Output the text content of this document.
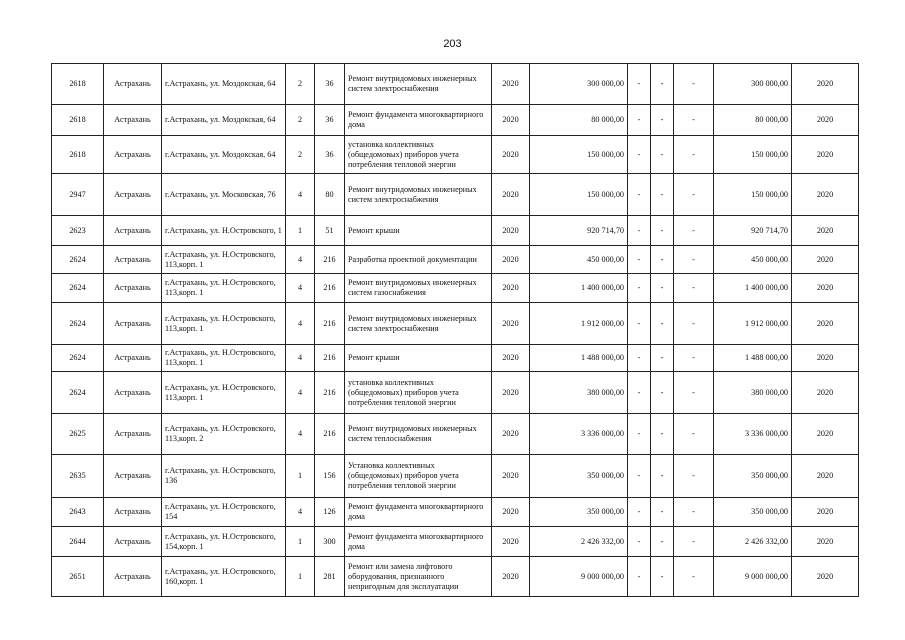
203
2618	Астрахань	г.Астрахань, ул. Моздокская, 64	2	36	Ремонт внутридомовых инженерных систем электроснабжения	2020	300 000,00	-	-	-	300 000,00	2020
2618	Астрахань	г.Астрахань, ул. Моздокская, 64	2	36	Ремонт фундамента многоквартирного дома	2020	80 000,00	-	-	-	80 000,00	2020
2618	Астрахань	г.Астрахань, ул. Моздокская, 64	2	36	установка коллективных (общедомовых) приборов учета потребления тепловой энергии	2020	150 000,00	-	-	-	150 000,00	2020
2947	Астрахань	г.Астрахань, ул. Московская, 76	4	80	Ремонт внутридомовых инженерных систем электроснабжения	2020	150 000,00	-	-	-	150 000,00	2020
2623	Астрахань	г.Астрахань, ул. Н.Островского, 1	1	51	Ремонт крыши	2020	920 714,70	-	-	-	920 714,70	2020
2624	Астрахань	г.Астрахань, ул. Н.Островского, 113,корп. 1	4	216	Разработка проектной документации	2020	450 000,00	-	-	-	450 000,00	2020
2624	Астрахань	г.Астрахань, ул. Н.Островского, 113,корп. 1	4	216	Ремонт внутридомовых инженерных систем газоснабжения	2020	1 400 000,00	-	-	-	1 400 000,00	2020
2624	Астрахань	г.Астрахань, ул. Н.Островского, 113,корп. 1	4	216	Ремонт внутридомовых инженерных систем электроснабжения	2020	1 912 000,00	-	-	-	1 912 000,00	2020
2624	Астрахань	г.Астрахань, ул. Н.Островского, 113,корп. 1	4	216	Ремонт крыши	2020	1 488 000,00	-	-	-	1 488 000,00	2020
2624	Астрахань	г.Астрахань, ул. Н.Островского, 113,корп. 1	4	216	установка коллективных (общедомовых) приборов учета потребления тепловой энергии	2020	380 000,00	-	-	-	380 000,00	2020
2625	Астрахань	г.Астрахань, ул. Н.Островского, 113,корп. 2	4	216	Ремонт внутридомовых инженерных систем теплоснабжения	2020	3 336 000,00	-	-	-	3 336 000,00	2020
2635	Астрахань	г.Астрахань, ул. Н.Островского, 136	1	156	Установка коллективных (общедомовых) приборов учета потребления тепловой энергии	2020	350 000,00	-	-	-	350 000,00	2020
2643	Астрахань	г.Астрахань, ул. Н.Островского, 154	4	126	Ремонт фундамента многоквартирного дома	2020	350 000,00	-	-	-	350 000,00	2020
2644	Астрахань	г.Астрахань, ул. Н.Островского, 154,корп. 1	1	300	Ремонт фундамента многоквартирного дома	2020	2 426 332,00	-	-	-	2 426 332,00	2020
2651	Астрахань	г.Астрахань, ул. Н.Островского, 160,корп. 1	1	281	Ремонт или замена лифтового оборудования, признанного непригодным для эксплуатации	2020	9 000 000,00	-	-	-	9 000 000,00	2020
